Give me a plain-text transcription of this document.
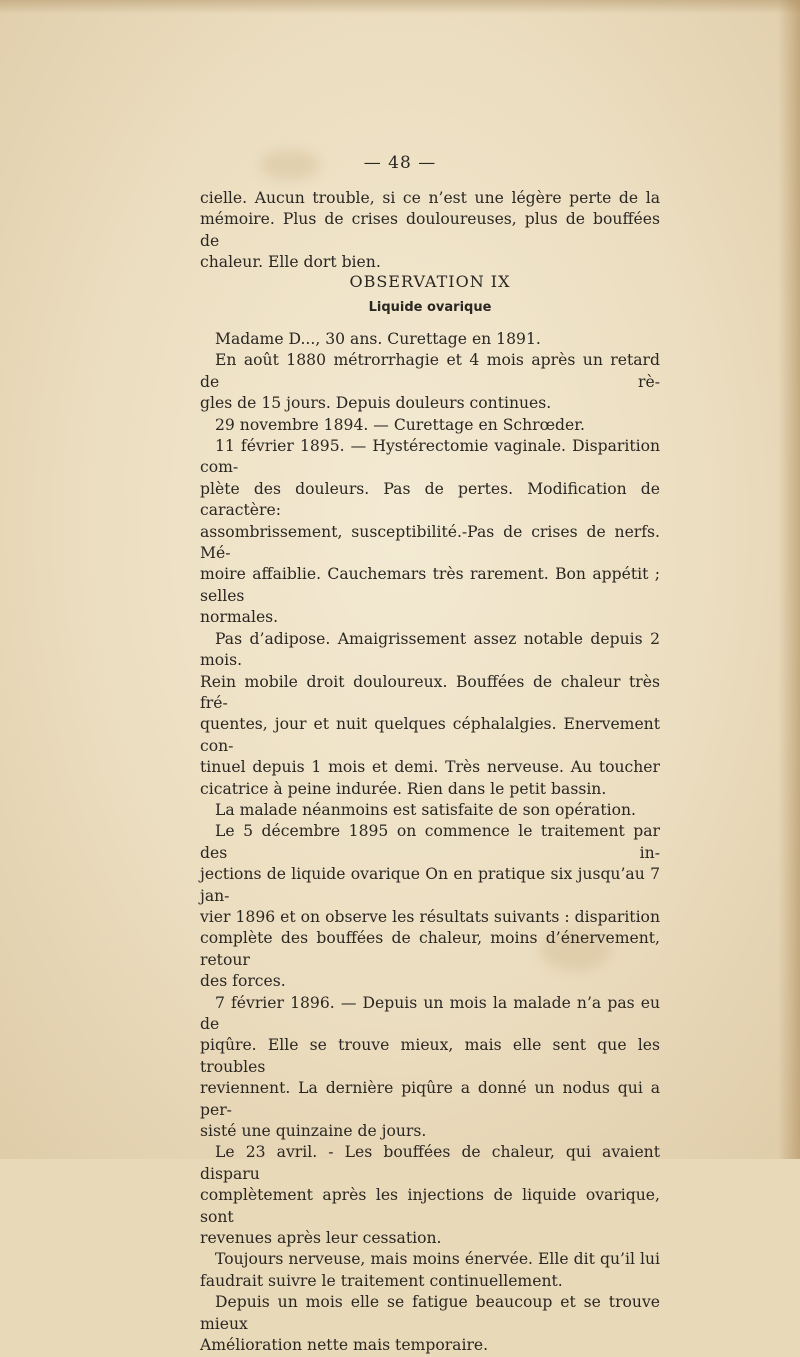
— 48 —

cielle. Aucun trouble, si ce n’est une légère perte de la

mémoire. Plus de crises douloureuses, plus de bouffées de

chaleur. Elle dort bien.

OBSERVATION IX
Liquide ovarique

Madame D..., 30 ans. Curettage en 1891.

En août 1880 métrorrhagie et 4 mois après un retard de rè-

gles de 15 jours. Depuis douleurs continues.

29 novembre 1894. — Curettage en Schrœder.

11 février 1895. — Hystérectomie vaginale. Disparition com-

plète des douleurs. Pas de pertes. Modification de caractère:

assombrissement, susceptibilité.-Pas de crises de nerfs. Mé-

moire affaiblie. Cauchemars très rarement. Bon appétit ; selles

normales.

Pas d’adipose. Amaigrissement assez notable depuis 2 mois.

Rein mobile droit douloureux. Bouffées de chaleur très fré-

quentes, jour et nuit quelques céphalalgies. Enervement con-

tinuel depuis 1 mois et demi. Très nerveuse. Au toucher

cicatrice à peine indurée. Rien dans le petit bassin.

La malade néanmoins est satisfaite de son opération.

Le 5 décembre 1895 on commence le traitement par des in-

jections de liquide ovarique On en pratique six jusqu’au 7 jan-

vier 1896 et on observe les résultats suivants : disparition

complète des bouffées de chaleur, moins d’énervement, retour

des forces.

7 février 1896. — Depuis un mois la malade n’a pas eu de

piqûre. Elle se trouve mieux, mais elle sent que les troubles

reviennent. La dernière piqûre a donné un nodus qui a per-

sisté une quinzaine de jours.

Le 23 avril. - Les bouffées de chaleur, qui avaient disparu

complètement après les injections de liquide ovarique, sont

revenues après leur cessation.

Toujours nerveuse, mais moins énervée. Elle dit qu’il lui

faudrait suivre le traitement continuellement.

Depuis un mois elle se fatigue beaucoup et se trouve mieux

Amélioration nette mais temporaire.
